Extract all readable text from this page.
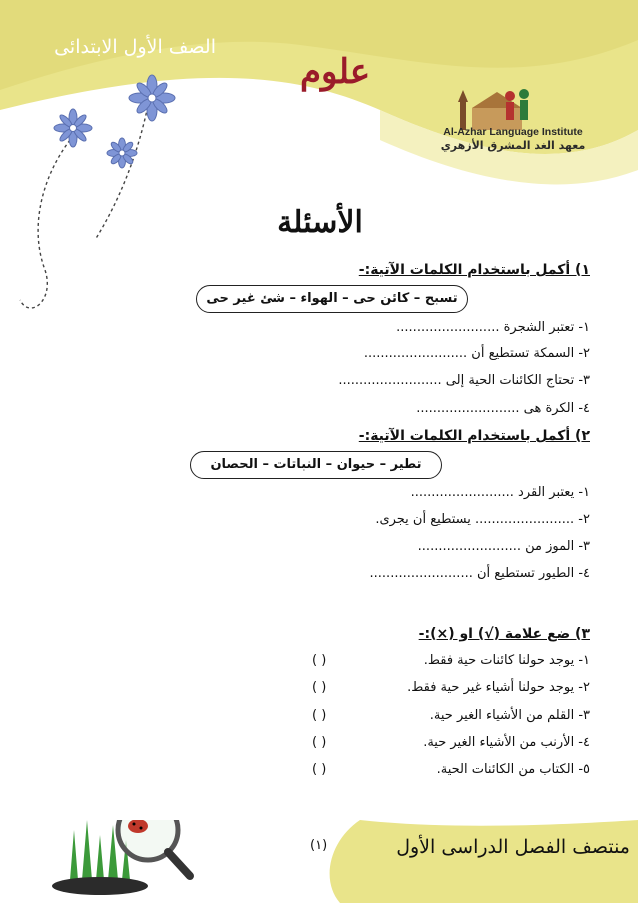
الصف الأول الابتدائى
علوم
Al-Azhar Language Institute
معهد الغد المشرق الأزهري
الأسئلة
١) أكمل باستخدام الكلمات الآتية:-
تسبح – كائن حى – الهواء – شئ غير حى
١- تعتبر الشجرة .........................
٢- السمكة تستطيع أن .........................
٣- تحتاج الكائنات الحية إلى .........................
٤- الكرة هى .........................
٢) أكمل باستخدام الكلمات الآتية:-
تطير – حيوان – النباتات – الحصان
١- يعتبر القرد .........................
٢- ........................ يستطيع أن يجرى.
٣- الموز من .........................
٤- الطيور تستطيع أن .........................
٣) ضع علامة (√) او (×):-
١- يوجد حولنا كائنات حية فقط.
( )
٢- يوجد حولنا أشياء غير حية فقط.
( )
٣- القلم من الأشياء الغير حية.
( )
٤- الأرنب من الأشياء الغير حية.
( )
٥- الكتاب من الكائنات الحية.
( )
(١)	منتصف الفصل الدراسى الأول
